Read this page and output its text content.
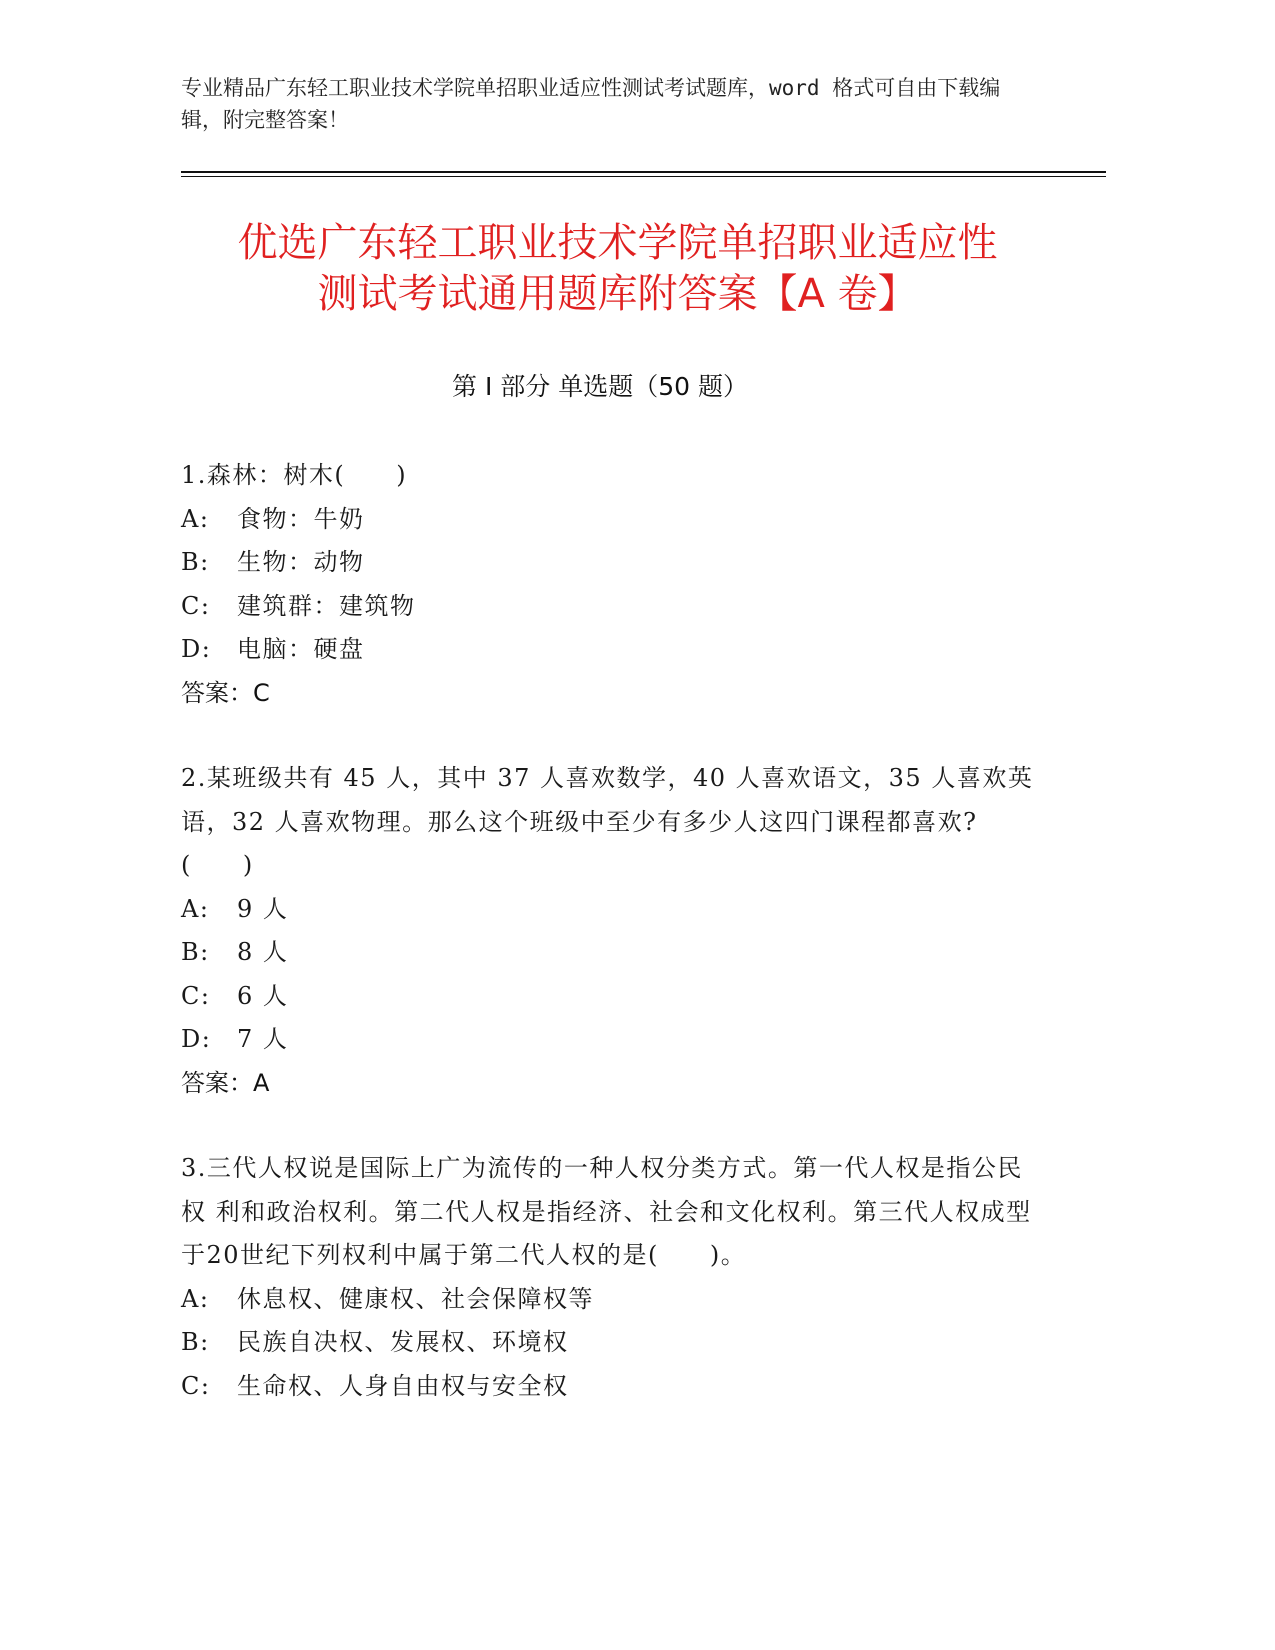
专业精品广东轻工职业技术学院单招职业适应性测试考试题库，word 格式可自由下载编辑，附完整答案！
优选广东轻工职业技术学院单招职业适应性
测试考试通用题库附答案【A 卷】
第 I 部分 单选题（50 题）
1.森林：树木(　　)
A:	食物：牛奶
B:	生物：动物
C:	建筑群：建筑物
D:	电脑：硬盘
答案：C
2.某班级共有 45 人，其中 37 人喜欢数学，40 人喜欢语文，35 人喜欢英语，32 人喜欢物理。那么这个班级中至少有多少人这四门课程都喜欢?(　　)
A:	9 人
B:	8 人
C:	6 人
D:	7 人
答案：A
3.三代人权说是国际上广为流传的一种人权分类方式。第一代人权是指公民权 利和政治权利。第二代人权是指经济、社会和文化权利。第三代人权成型于20世纪下列权利中属于第二代人权的是(　　)。
A:	休息权、健康权、社会保障权等
B:	民族自决权、发展权、环境权
C:	生命权、人身自由权与安全权
